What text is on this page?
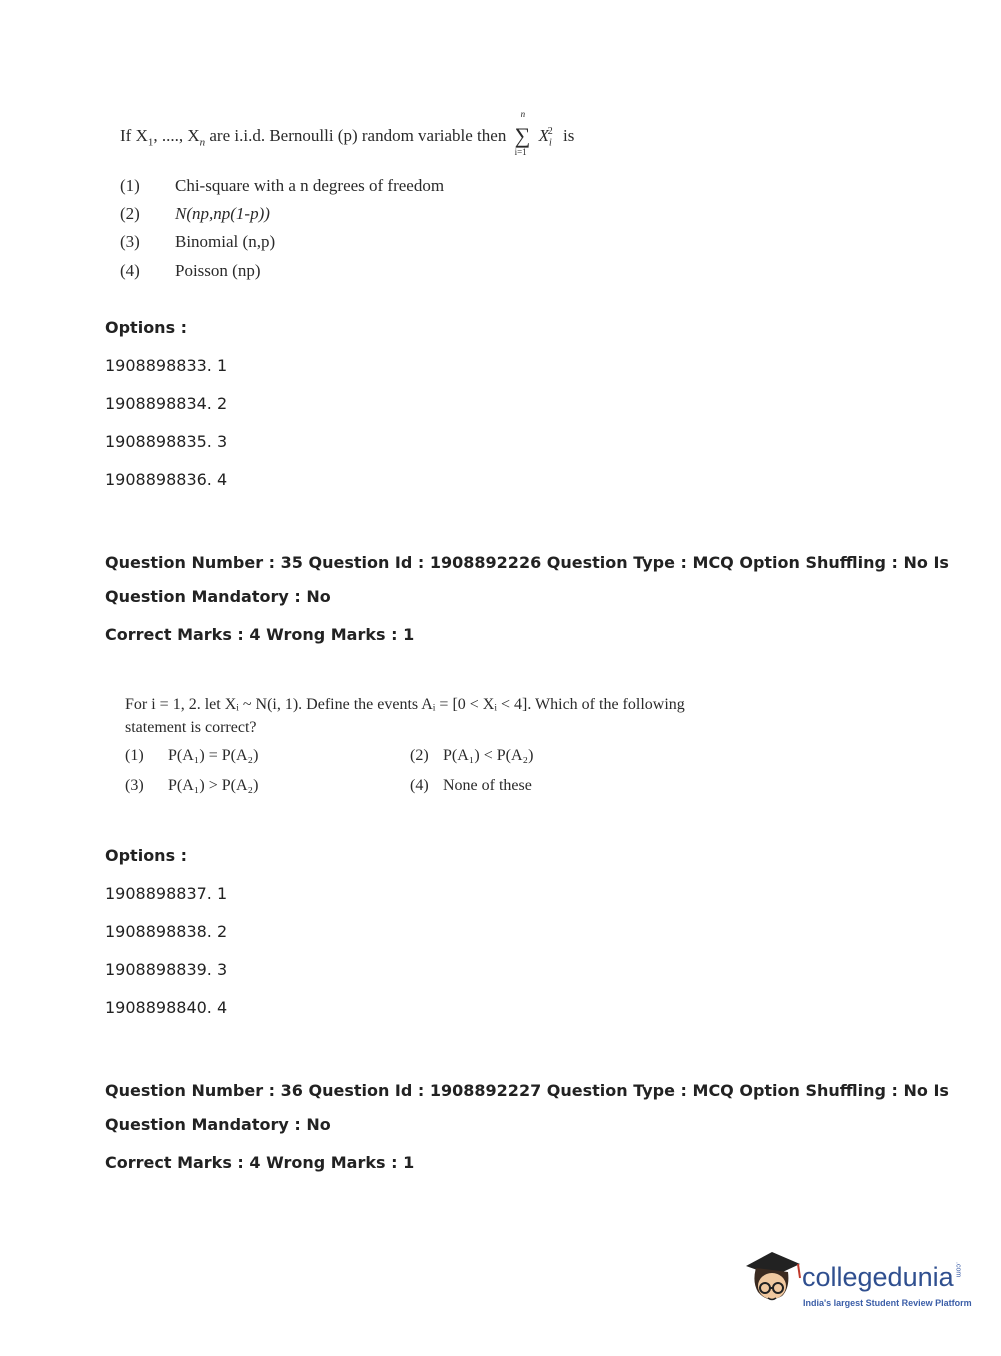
If $X_1$, ...., $X_n$ are i.i.d. Bernoulli (p) random variable then
n
∑
i=1
$X_i^2$ is
(1) Chi-square with a n degrees of freedom
(2) N(np,np(1-p))
(3) Binomial (n,p)
(4) Poisson (np)
Options :
1908898833. 1
1908898834. 2
1908898835. 3
1908898836. 4
Question Number : 35 Question Id : 1908892226 Question Type : MCQ Option Shuffling : No Is
Question Mandatory : No
Correct Marks : 4 Wrong Marks : 1
For i = 1, 2. let Xᵢ ~ N(i, 1). Define the events Aᵢ = [0 < Xᵢ < 4]. Which of the following
statement is correct?
(1) P(A₁) = P(A₂)	(2) P(A₁) < P(A₂)
(3) P(A₁) > P(A₂)	(4) None of these
Options :
1908898837. 1
1908898838. 2
1908898839. 3
1908898840. 4
Question Number : 36 Question Id : 1908892227 Question Type : MCQ Option Shuffling : No Is
Question Mandatory : No
Correct Marks : 4 Wrong Marks : 1
collegedunia.com
India's largest Student Review Platform
